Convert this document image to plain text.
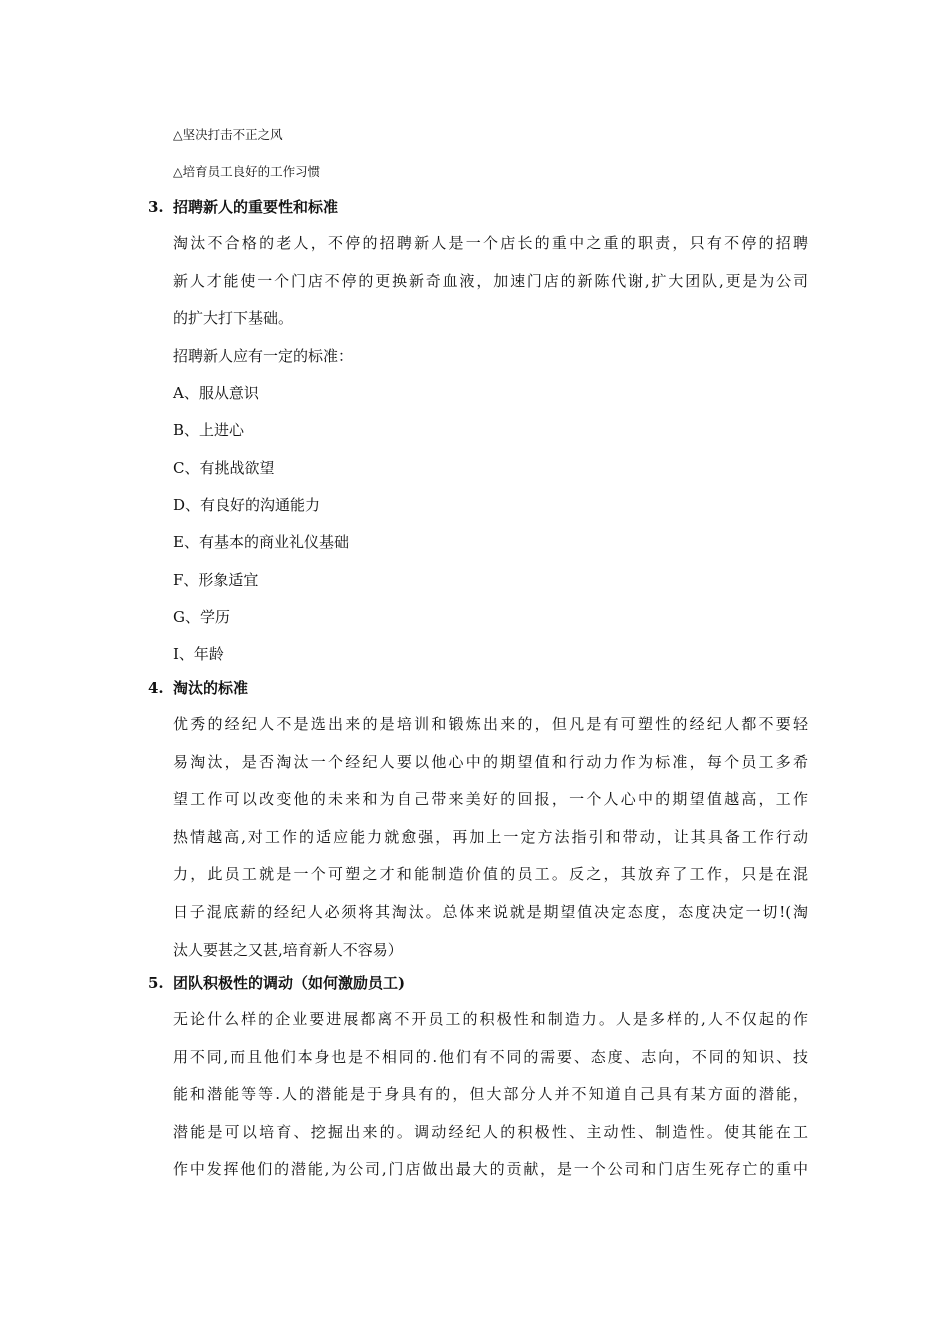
△坚决打击不正之风
△培育员工良好的工作习惯
3. 招聘新人的重要性和标准
淘汰不合格的老人，不停的招聘新人是一个店长的重中之重的职责，只有不停的招聘
新人才能使一个门店不停的更换新奇血液，加速门店的新陈代谢,扩大团队,更是为公司
的扩大打下基础。
招聘新人应有一定的标准：
A、服从意识
B、上进心
C、有挑战欲望
D、有良好的沟通能力
E、有基本的商业礼仪基础
F、形象适宜
G、学历
I、年龄
4. 淘汰的标准
优秀的经纪人不是选出来的是培训和锻炼出来的，但凡是有可塑性的经纪人都不要轻
易淘汰，是否淘汰一个经纪人要以他心中的期望值和行动力作为标准，每个员工多希
望工作可以改变他的未来和为自己带来美好的回报，一个人心中的期望值越高，工作
热情越高,对工作的适应能力就愈强，再加上一定方法指引和带动，让其具备工作行动
力，此员工就是一个可塑之才和能制造价值的员工。反之，其放弃了工作，只是在混
日子混底薪的经纪人必须将其淘汰。总体来说就是期望值决定态度，态度决定一切!(淘
汰人要甚之又甚,培育新人不容易）
5. 团队积极性的调动（如何激励员工)
无论什么样的企业要进展都离不开员工的积极性和制造力。人是多样的,人不仅起的作
用不同,而且他们本身也是不相同的.他们有不同的需要、态度、志向，不同的知识、技
能和潜能等等.人的潜能是于身具有的，但大部分人并不知道自己具有某方面的潜能，
潜能是可以培育、挖掘出来的。调动经纪人的积极性、主动性、制造性。使其能在工
作中发挥他们的潜能,为公司,门店做出最大的贡献，是一个公司和门店生死存亡的重中
